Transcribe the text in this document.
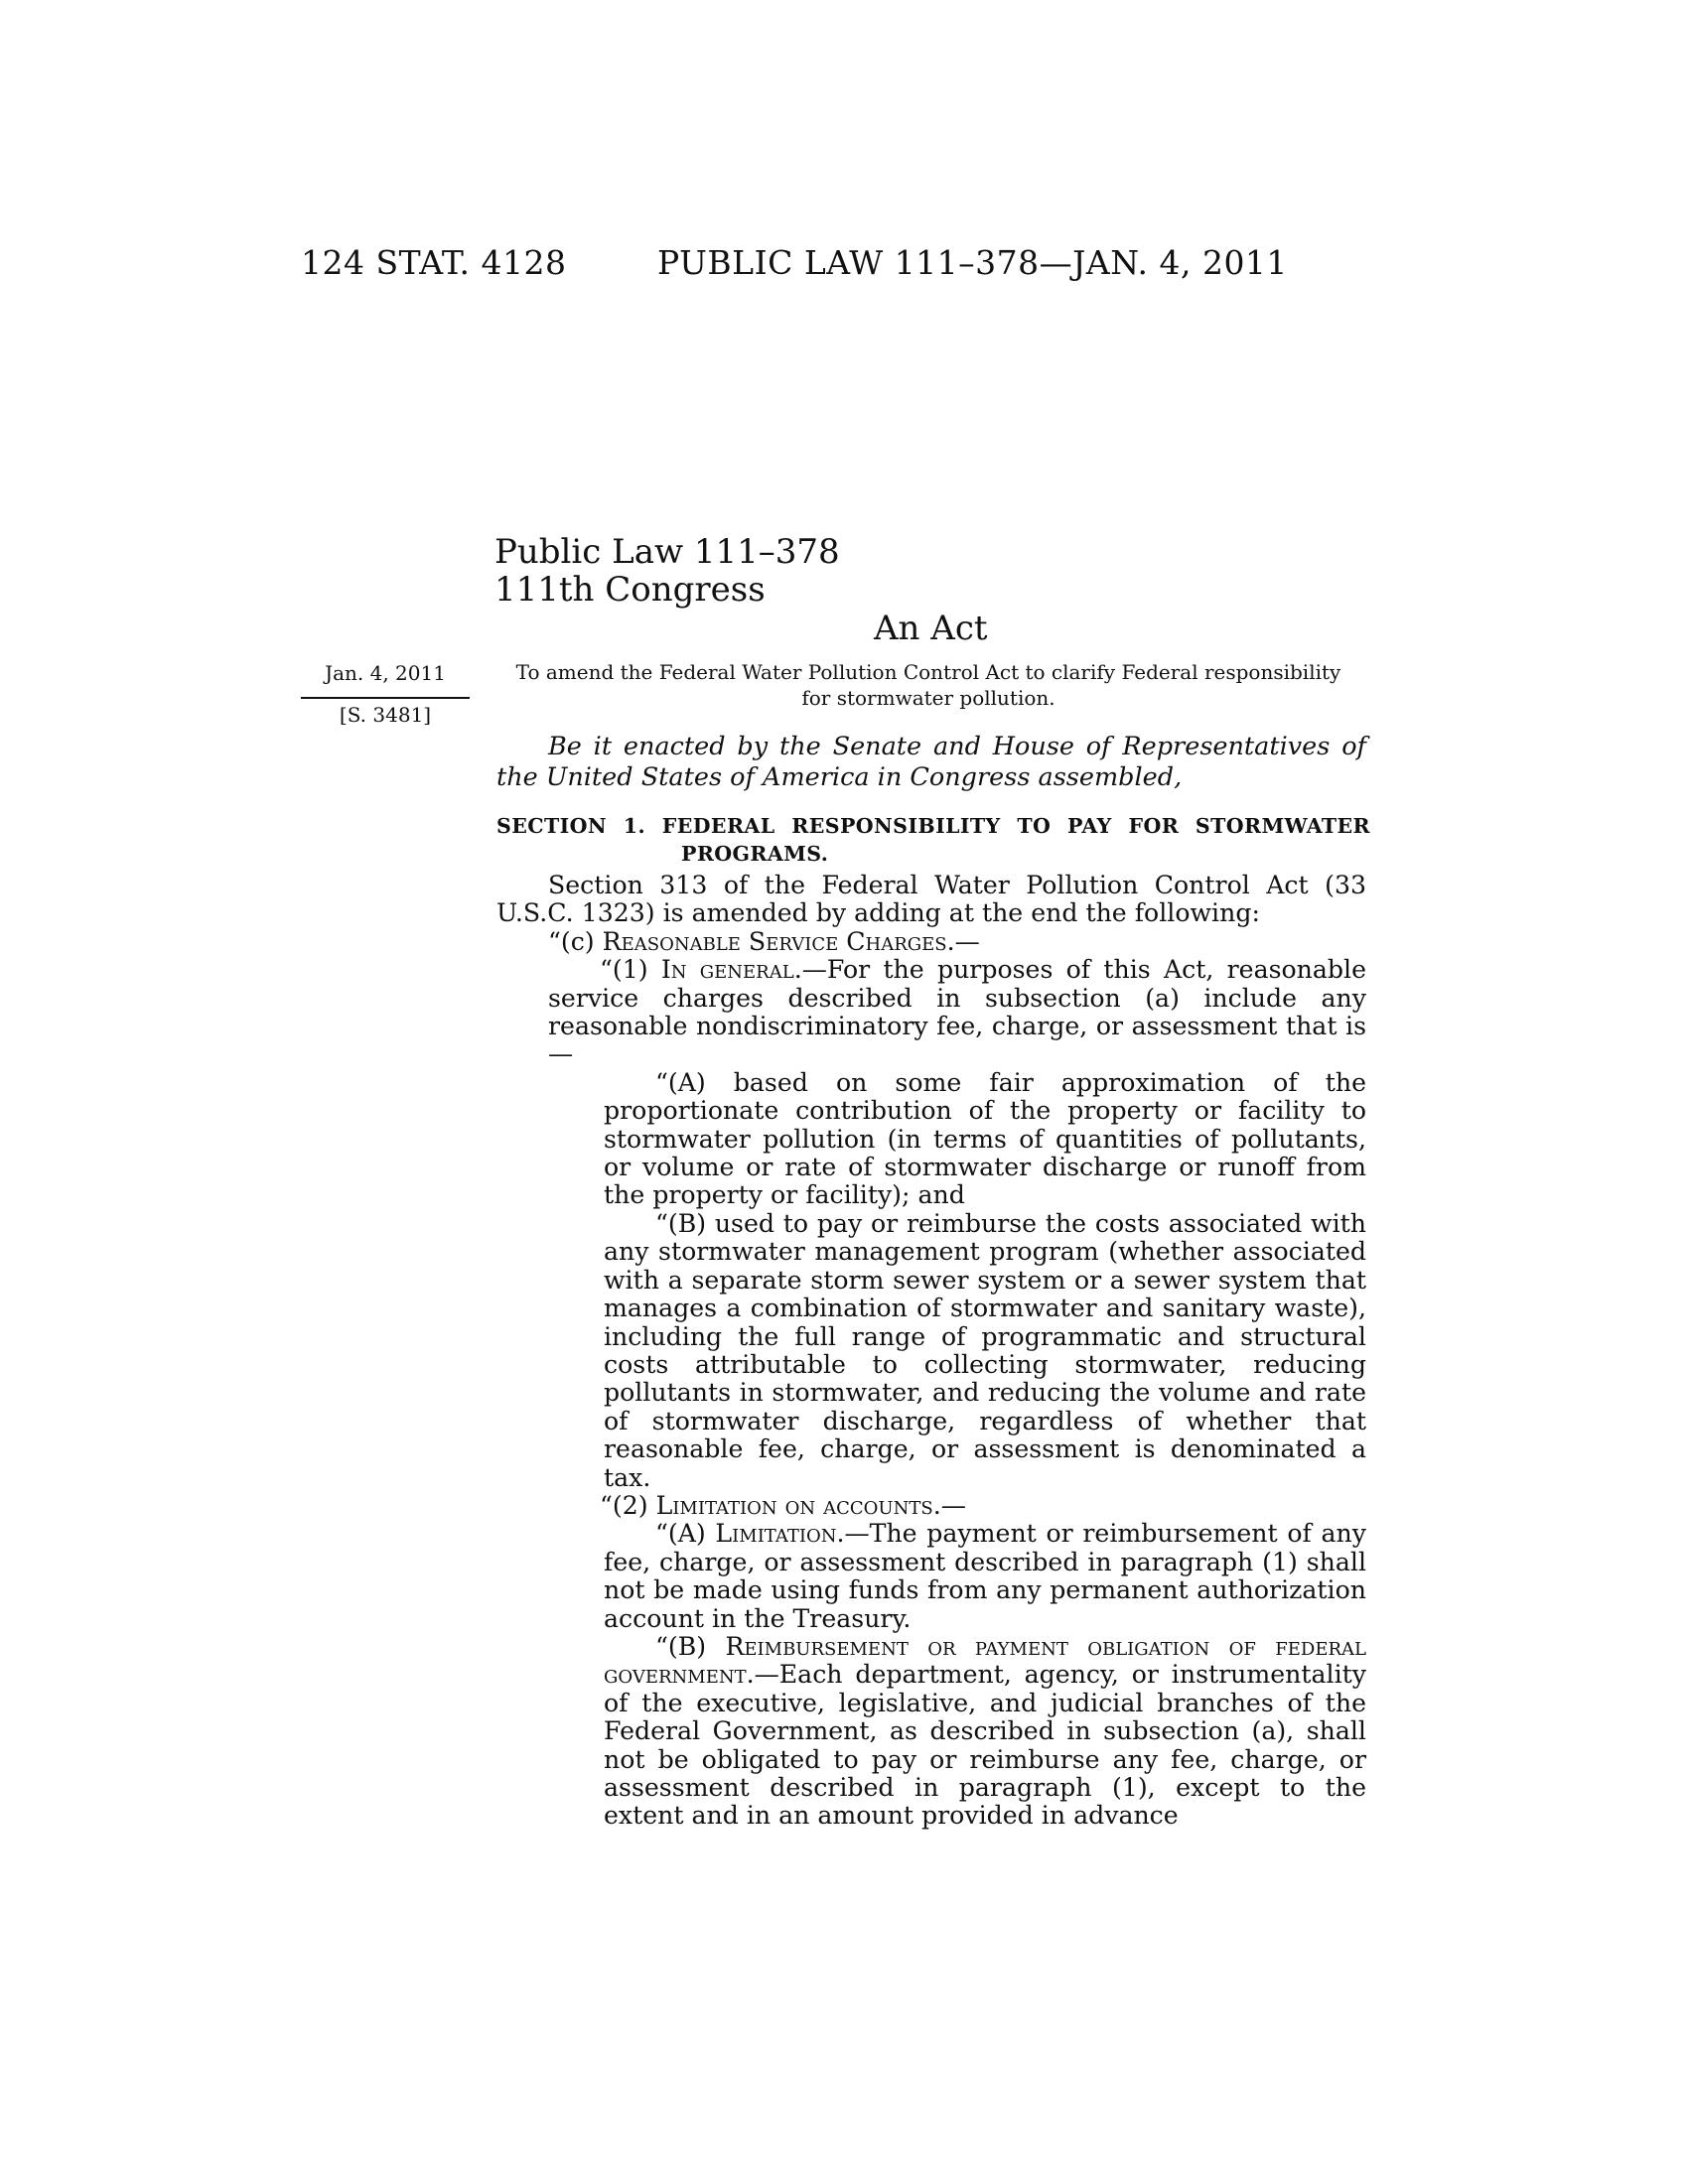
124 STAT. 4128	PUBLIC LAW 111–378—JAN. 4, 2011
Public Law 111–378
111th Congress
An Act
Jan. 4, 2011
[S. 3481]
To amend the Federal Water Pollution Control Act to clarify Federal responsibility for stormwater pollution.
Be it enacted by the Senate and House of Representatives of the United States of America in Congress assembled,
SECTION 1. FEDERAL RESPONSIBILITY TO PAY FOR STORMWATER PROGRAMS.

Section 313 of the Federal Water Pollution Control Act (33 U.S.C. 1323) is amended by adding at the end the following:

“(c) Reasonable Service Charges.—

“(1) In general.—For the purposes of this Act, reasonable service charges described in subsection (a) include any reasonable nondiscriminatory fee, charge, or assessment that is—

“(A) based on some fair approximation of the proportionate contribution of the property or facility to stormwater pollution (in terms of quantities of pollutants, or volume or rate of stormwater discharge or runoff from the property or facility); and

“(B) used to pay or reimburse the costs associated with any stormwater management program (whether associated with a separate storm sewer system or a sewer system that manages a combination of stormwater and sanitary waste), including the full range of programmatic and structural costs attributable to collecting stormwater, reducing pollutants in stormwater, and reducing the volume and rate of stormwater discharge, regardless of whether that reasonable fee, charge, or assessment is denominated a tax.

“(2) Limitation on accounts.—

“(A) Limitation.—The payment or reimbursement of any fee, charge, or assessment described in paragraph (1) shall not be made using funds from any permanent authorization account in the Treasury.

“(B) Reimbursement or payment obligation of federal government.—Each department, agency, or instrumentality of the executive, legislative, and judicial branches of the Federal Government, as described in subsection (a), shall not be obligated to pay or reimburse any fee, charge, or assessment described in paragraph (1), except to the extent and in an amount provided in advance
